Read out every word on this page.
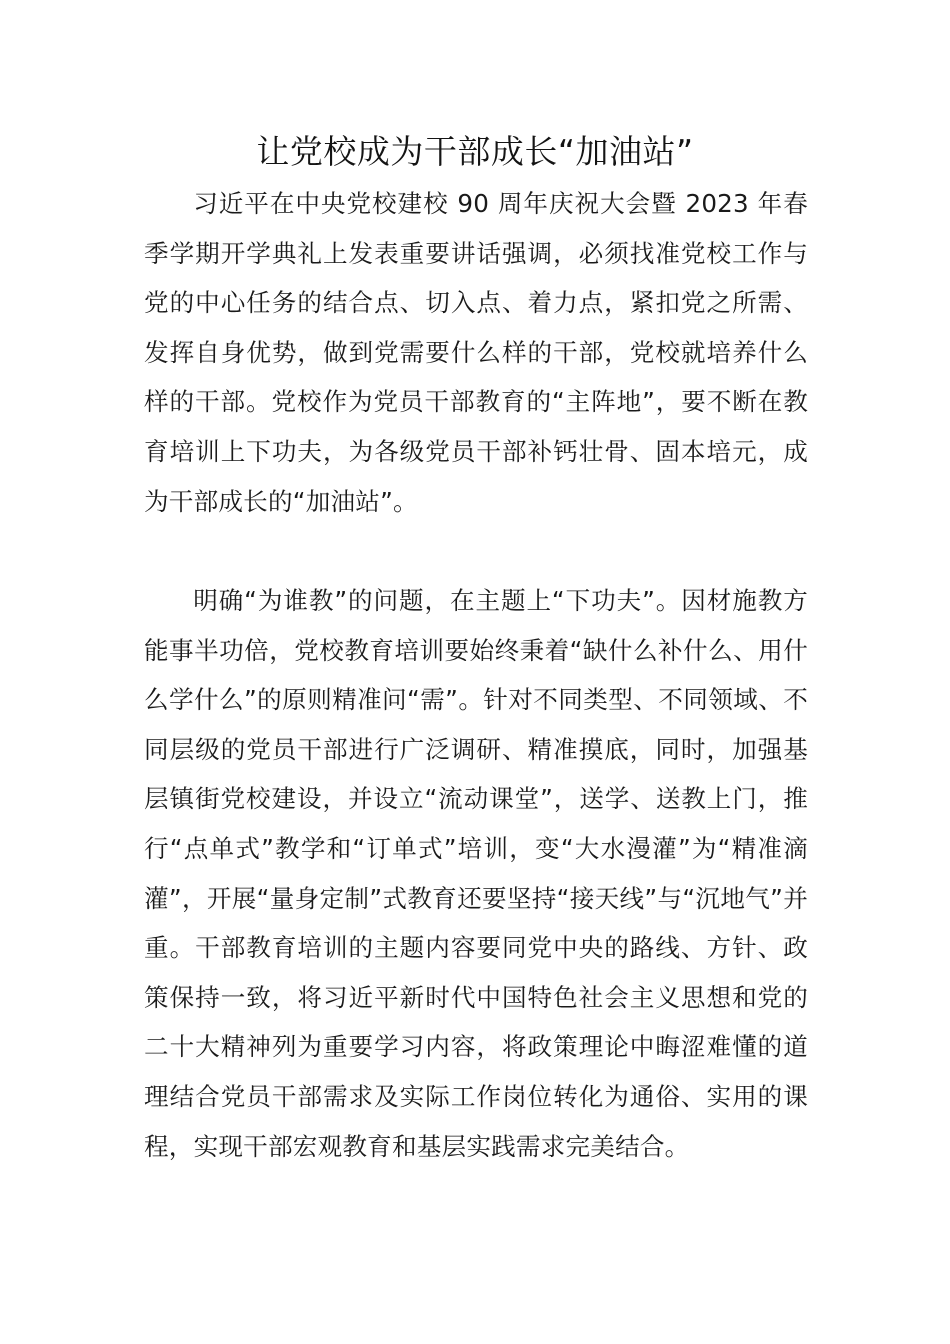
让党校成为干部成长“加油站”

习近平在中央党校建校 90 周年庆祝大会暨 2023 年春季学期开学典礼上发表重要讲话强调，必须找准党校工作与党的中心任务的结合点、切入点、着力点，紧扣党之所需、发挥自身优势，做到党需要什么样的干部，党校就培养什么样的干部。党校作为党员干部教育的“主阵地”，要不断在教育培训上下功夫，为各级党员干部补钙壮骨、固本培元，成为干部成长的“加油站”。

明确“为谁教”的问题，在主题上“下功夫”。因材施教方能事半功倍，党校教育培训要始终秉着“缺什么补什么、用什么学什么”的原则精准问“需”。针对不同类型、不同领域、不同层级的党员干部进行广泛调研、精准摸底，同时，加强基层镇街党校建设，并设立“流动课堂”，送学、送教上门，推行“点单式”教学和“订单式”培训，变“大水漫灌”为“精准滴灌”，开展“量身定制”式教育还要坚持“接天线”与“沉地气”并重。干部教育培训的主题内容要同党中央的路线、方针、政策保持一致，将习近平新时代中国特色社会主义思想和党的二十大精神列为重要学习内容，将政策理论中晦涩难懂的道理结合党员干部需求及实际工作岗位转化为通俗、实用的课程，实现干部宏观教育和基层实践需求完美结合。
